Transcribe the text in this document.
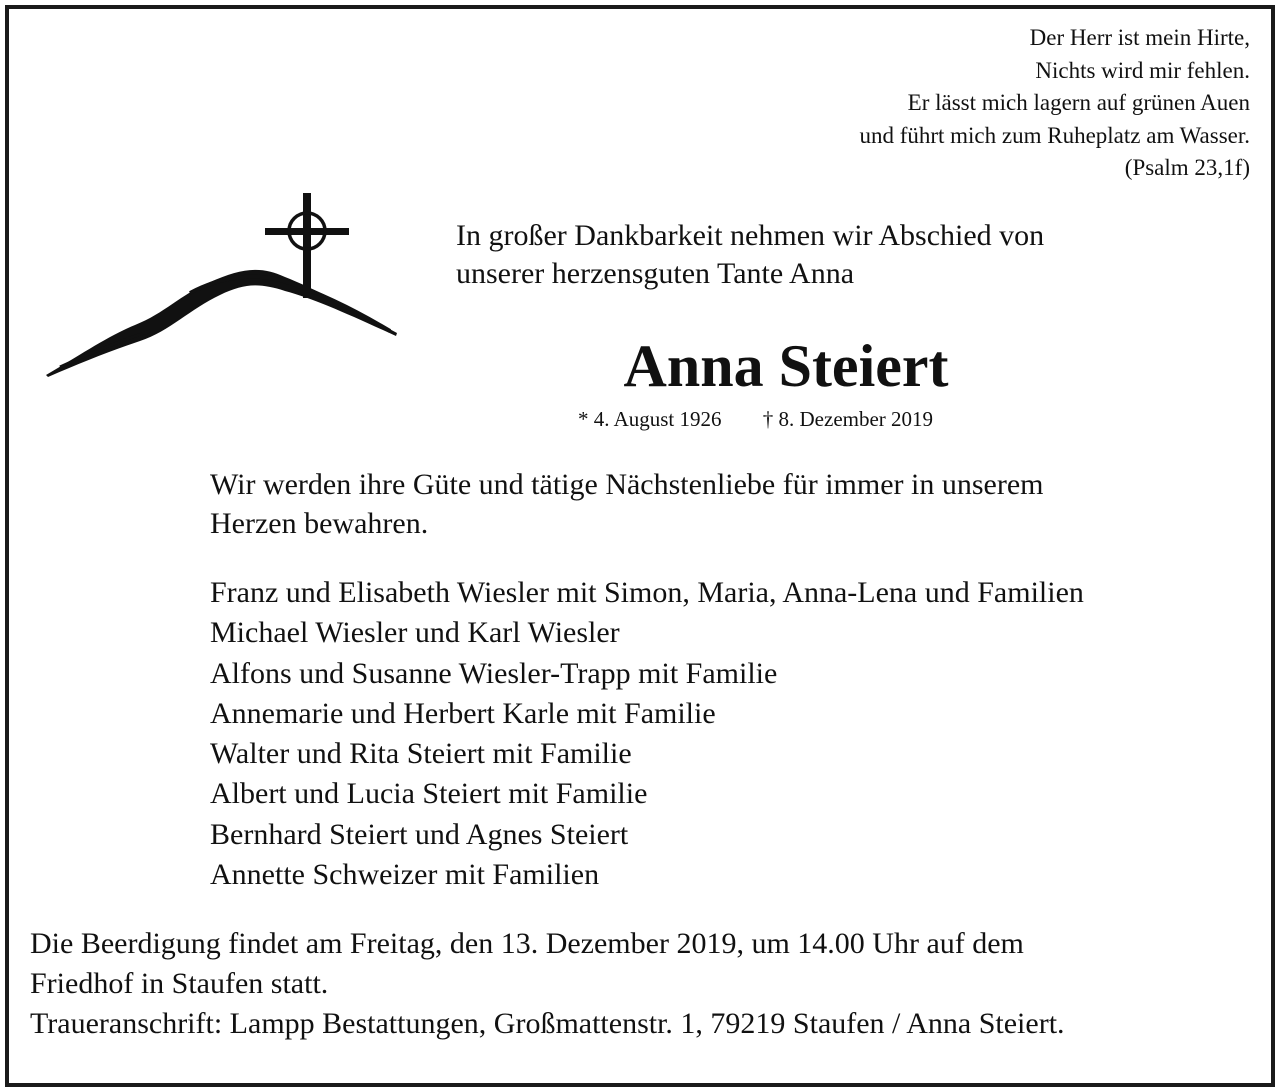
Der Herr ist mein Hirte,
Nichts wird mir fehlen.
Er lässt mich lagern auf grünen Auen
und führt mich zum Ruheplatz am Wasser.
(Psalm 23,1f)
In großer Dankbarkeit nehmen wir Abschied von
unserer herzensguten Tante Anna
Anna Steiert
* 4. August 1926 † 8. Dezember 2019
Wir werden ihre Güte und tätige Nächstenliebe für immer in unserem
Herzen bewahren.
Franz und Elisabeth Wiesler mit Simon, Maria, Anna-Lena und Familien
Michael Wiesler und Karl Wiesler
Alfons und Susanne Wiesler-Trapp mit Familie
Annemarie und Herbert Karle mit Familie
Walter und Rita Steiert mit Familie
Albert und Lucia Steiert mit Familie
Bernhard Steiert und Agnes Steiert
Annette Schweizer mit Familien
Die Beerdigung findet am Freitag, den 13. Dezember 2019, um 14.00 Uhr auf dem
Friedhof in Staufen statt.
Traueranschrift: Lampp Bestattungen, Großmattenstr. 1, 79219 Staufen / Anna Steiert.
